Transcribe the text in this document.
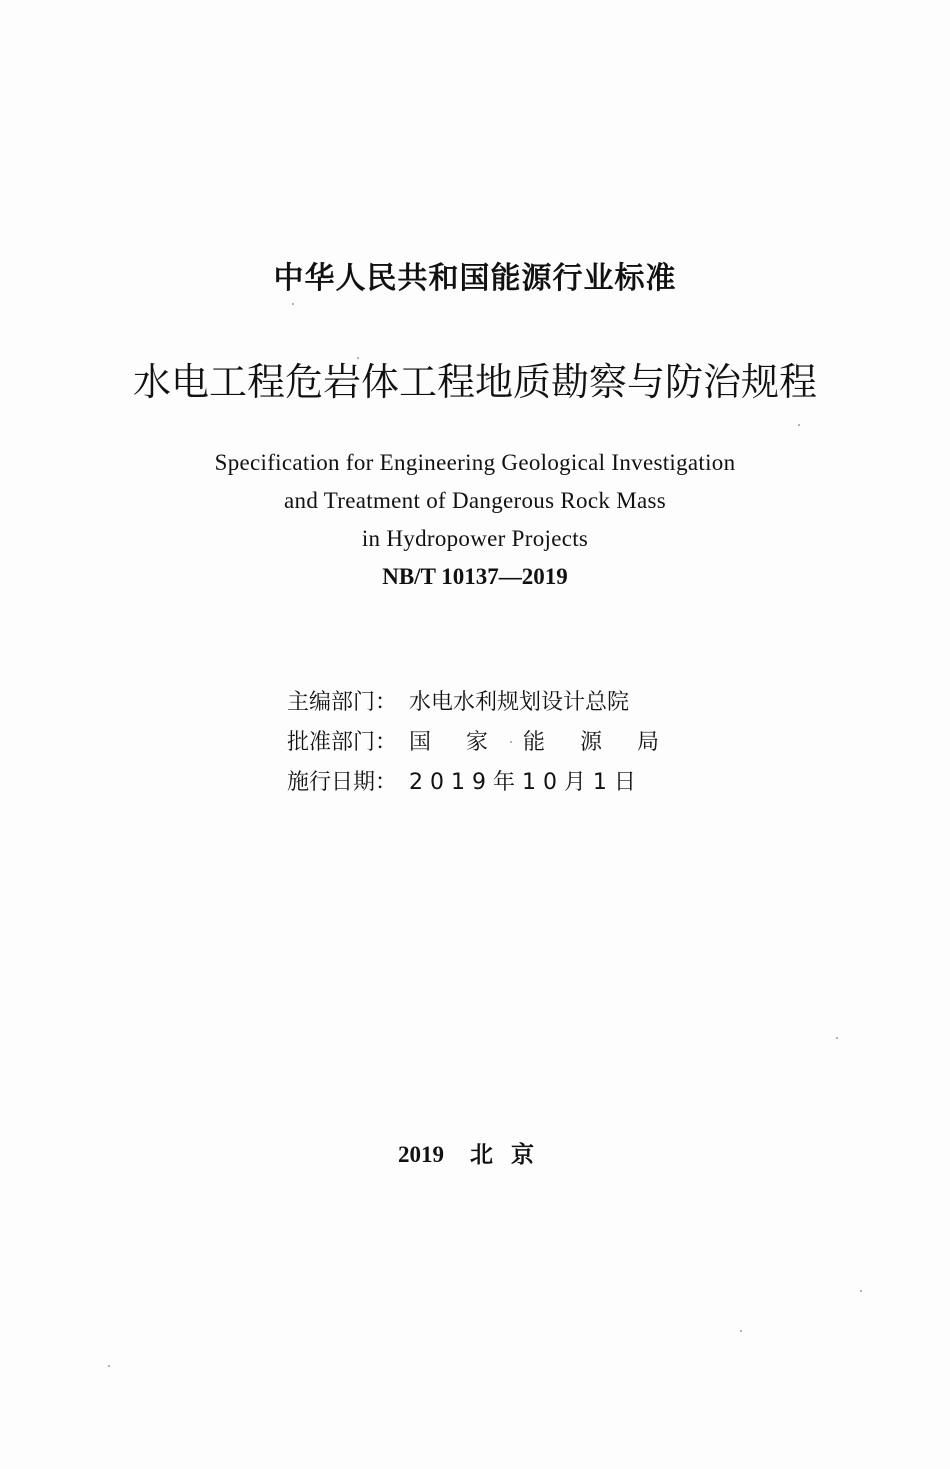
中华人民共和国能源行业标准
水电工程危岩体工程地质勘察与防治规程
Specification for Engineering Geological Investigation
and Treatment of Dangerous Rock Mass
in Hydropower Projects
NB/T 10137—2019
主编部门： 水电水利规划设计总院
批准部门： 国 家 能 源 局
施行日期： 2 0 1 9 年 1 0 月 1 日
2019 北京
